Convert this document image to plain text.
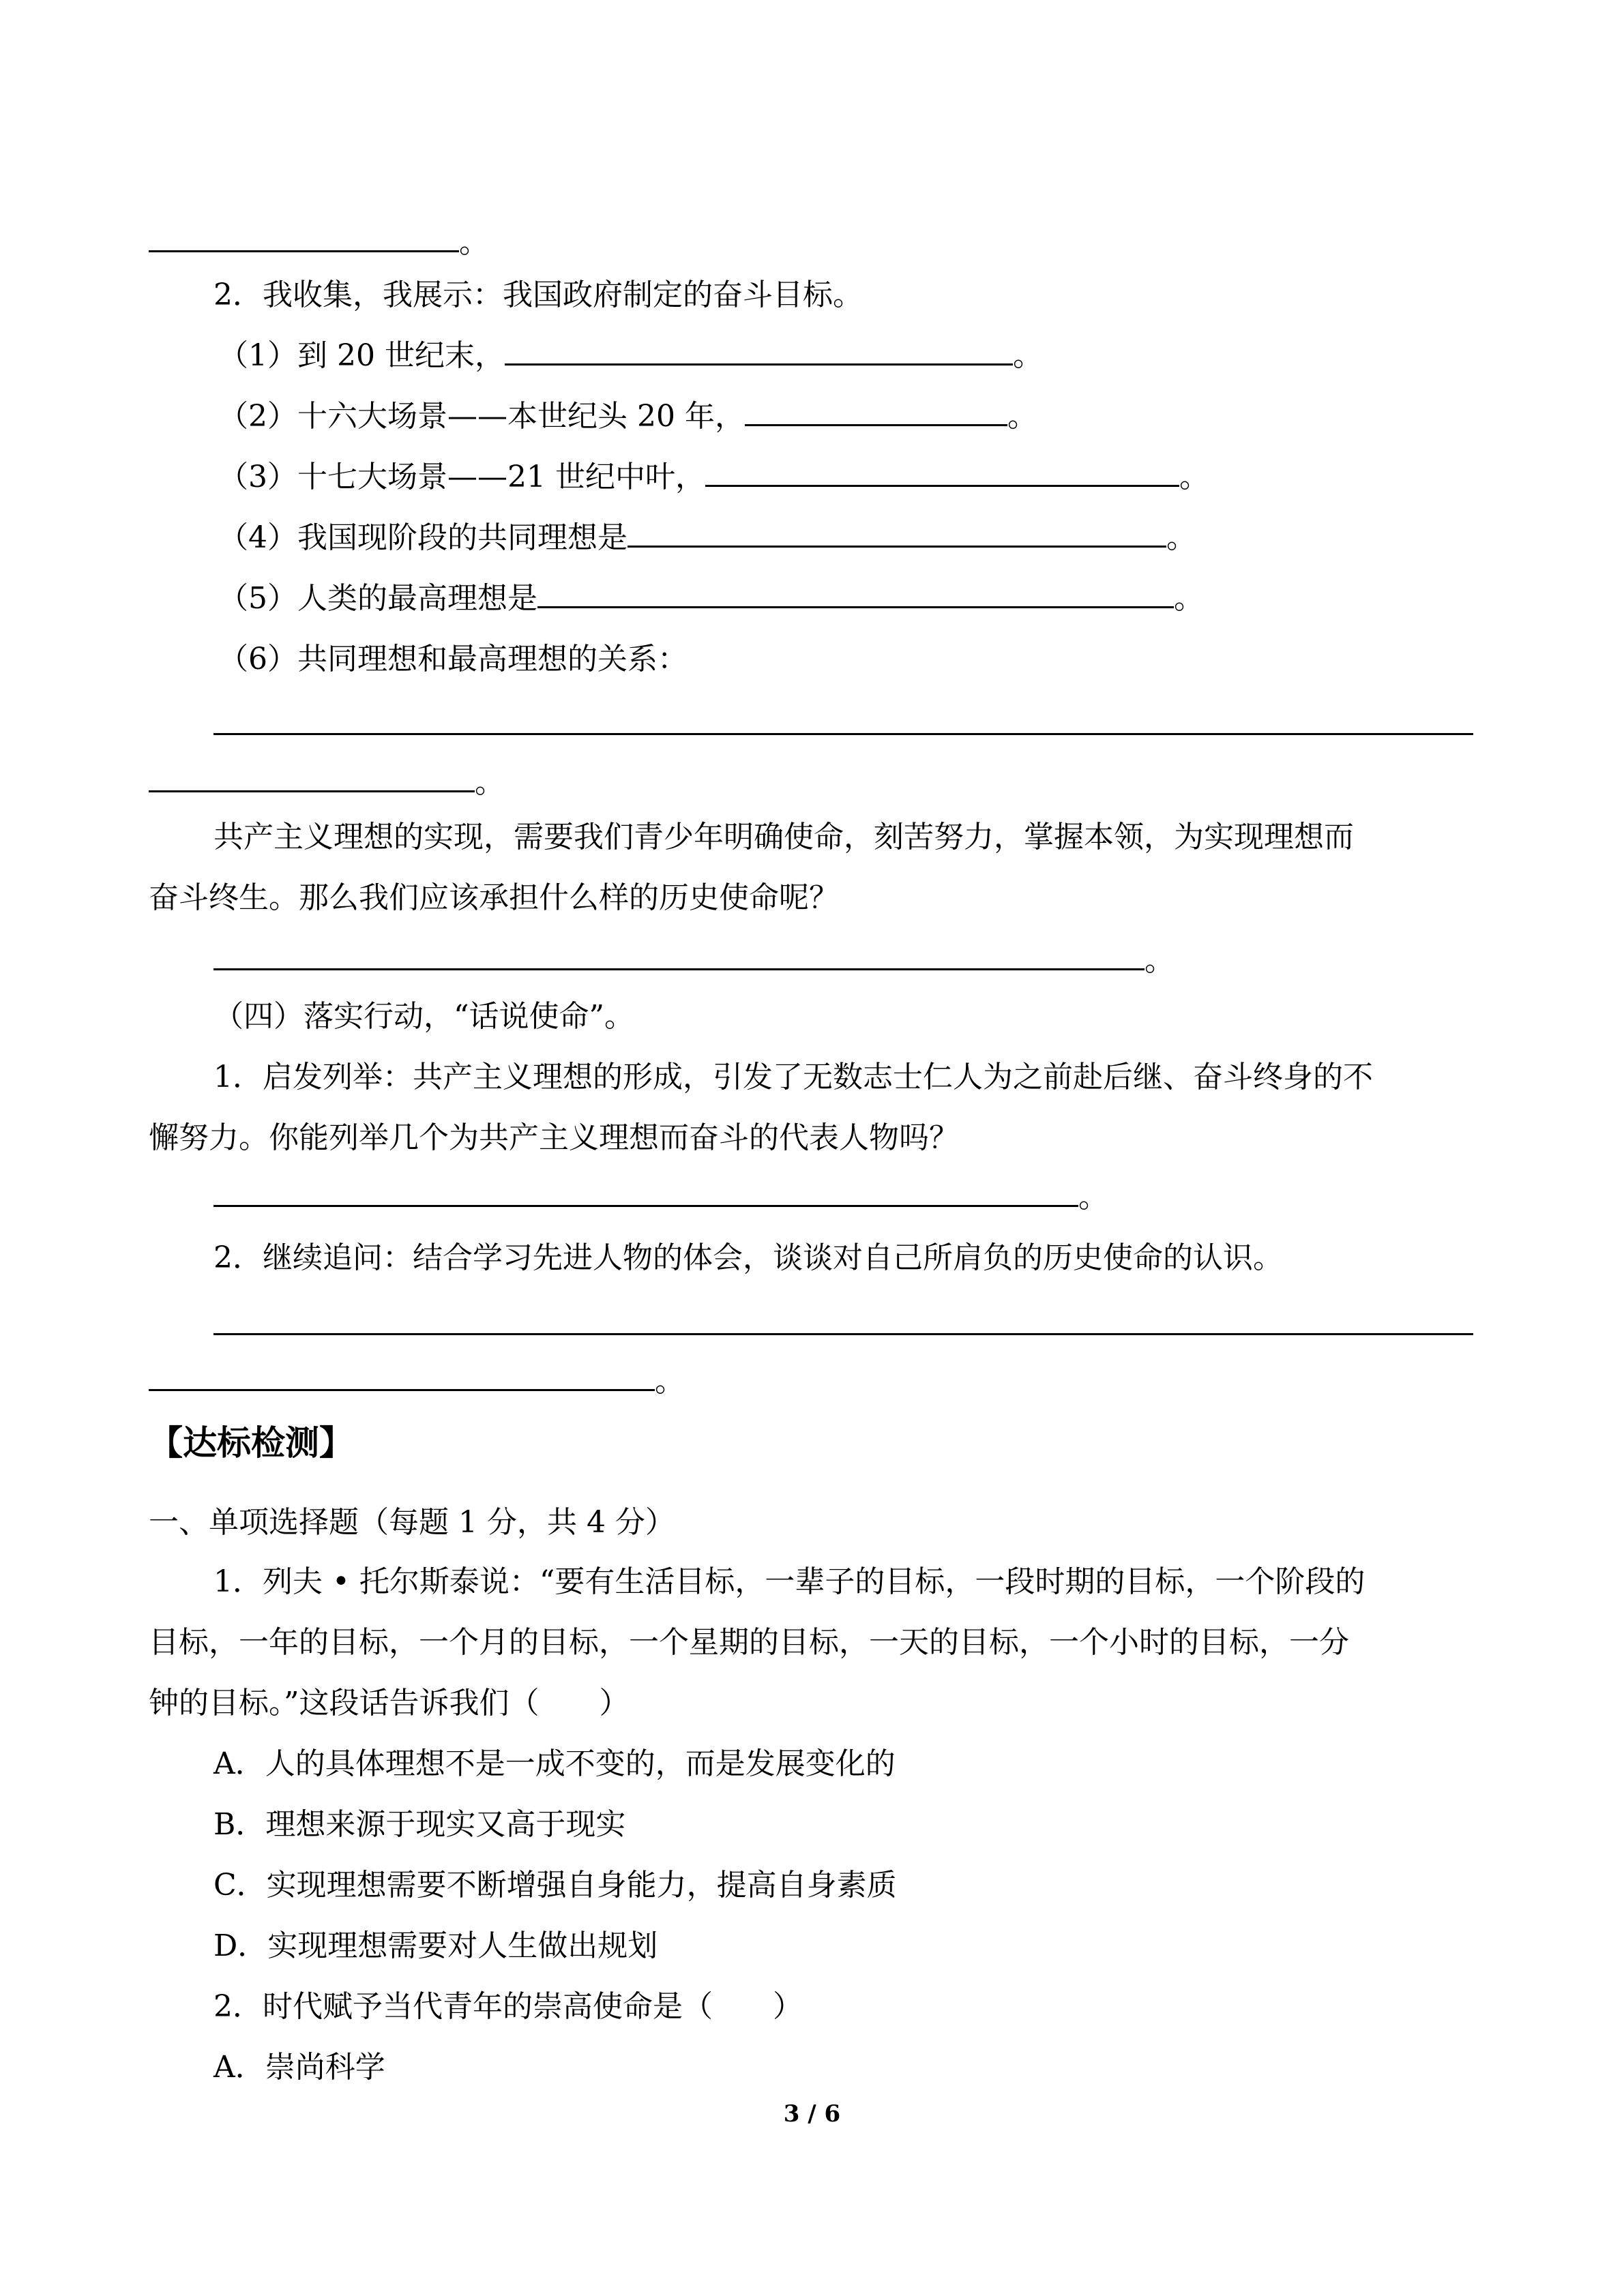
。
2．我收集，我展示：我国政府制定的奋斗目标。
（1）到 20 世纪末，	。
（2）十六大场景——本世纪头 20 年，	。
（3）十七大场景——21 世纪中叶，	。
（4）我国现阶段的共同理想是	。
（5）人类的最高理想是	。
（6）共同理想和最高理想的关系：
。
共产主义理想的实现，需要我们青少年明确使命，刻苦努力，掌握本领，为实现理想而
奋斗终生。那么我们应该承担什么样的历史使命呢？
。
（四）落实行动，“话说使命”。
1．启发列举：共产主义理想的形成，引发了无数志士仁人为之前赴后继、奋斗终身的不
懈努力。你能列举几个为共产主义理想而奋斗的代表人物吗？
。
2．继续追问：结合学习先进人物的体会，谈谈对自己所肩负的历史使命的认识。
。
【达标检测】
一、单项选择题（每题 1 分，共 4 分）
1．列夫 • 托尔斯泰说：“要有生活目标，一辈子的目标，一段时期的目标，一个阶段的
目标，一年的目标，一个月的目标，一个星期的目标，一天的目标，一个小时的目标，一分
钟的目标。”这段话告诉我们（　　）
A．人的具体理想不是一成不变的，而是发展变化的
B．理想来源于现实又高于现实
C．实现理想需要不断增强自身能力，提高自身素质
D．实现理想需要对人生做出规划
2．时代赋予当代青年的崇高使命是（　　）
A．崇尚科学
3 / 6
